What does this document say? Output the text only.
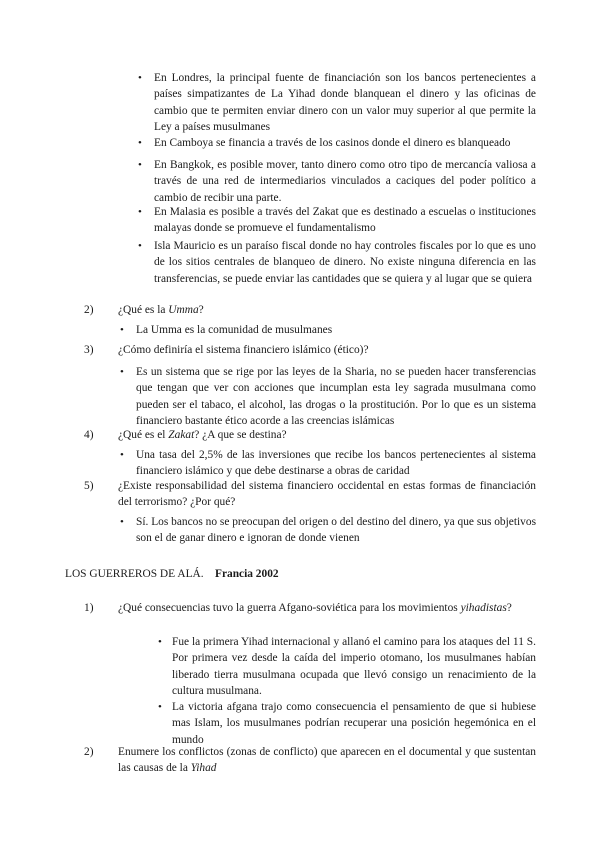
• En Londres, la principal fuente de financiación son los bancos pertenecientes a países simpatizantes de La Yihad donde blanquean el dinero y las oficinas de cambio que te permiten enviar dinero con un valor muy superior al que permite la Ley a países musulmanes

• En Camboya se financia a través de los casinos donde el dinero es blanqueado

• En Bangkok, es posible mover, tanto dinero como otro tipo de mercancía valiosa a través de una red de intermediarios vinculados a caciques del poder político a cambio de recibir una parte.

• En Malasia es posible a través del Zakat que es destinado a escuelas o instituciones malayas donde se promueve el fundamentalismo

• Isla Mauricio es un paraíso fiscal donde no hay controles fiscales por lo que es uno de los sitios centrales de blanqueo de dinero. No existe ninguna diferencia en las transferencias, se puede enviar las cantidades que se quiera y al lugar que se quiera

2) ¿Qué es la Umma?

• La Umma es la comunidad de musulmanes

3) ¿Cómo definiría el sistema financiero islámico (ético)?

• Es un sistema que se rige por las leyes de la Sharia, no se pueden hacer transferencias que tengan que ver con acciones que incumplan esta ley sagrada musulmana como pueden ser el tabaco, el alcohol, las drogas o la prostitución. Por lo que es un sistema financiero bastante ético acorde a las creencias islámicas

4) ¿Qué es el Zakat? ¿A que se destina?

• Una tasa del 2,5% de las inversiones que recibe los bancos pertenecientes al sistema financiero islámico y que debe destinarse a obras de caridad

5) ¿Existe responsabilidad del sistema financiero occidental en estas formas de financiación del terrorismo? ¿Por qué?

• Sí. Los bancos no se preocupan del origen o del destino del dinero, ya que sus objetivos son el de ganar dinero e ignoran de donde vienen

LOS GUERREROS DE ALÁ. Francia 2002

1) ¿Qué consecuencias tuvo la guerra Afgano-soviética para los movimientos yihadistas?

• Fue la primera Yihad internacional y allanó el camino para los ataques del 11 S. Por primera vez desde la caída del imperio otomano, los musulmanes habían liberado tierra musulmana ocupada que llevó consigo un renacimiento de la cultura musulmana.

• La victoria afgana trajo como consecuencia el pensamiento de que si hubiese mas Islam, los musulmanes podrían recuperar una posición hegemónica en el mundo

2) Enumere los conflictos (zonas de conflicto) que aparecen en el documental y que sustentan las causas de la Yihad
